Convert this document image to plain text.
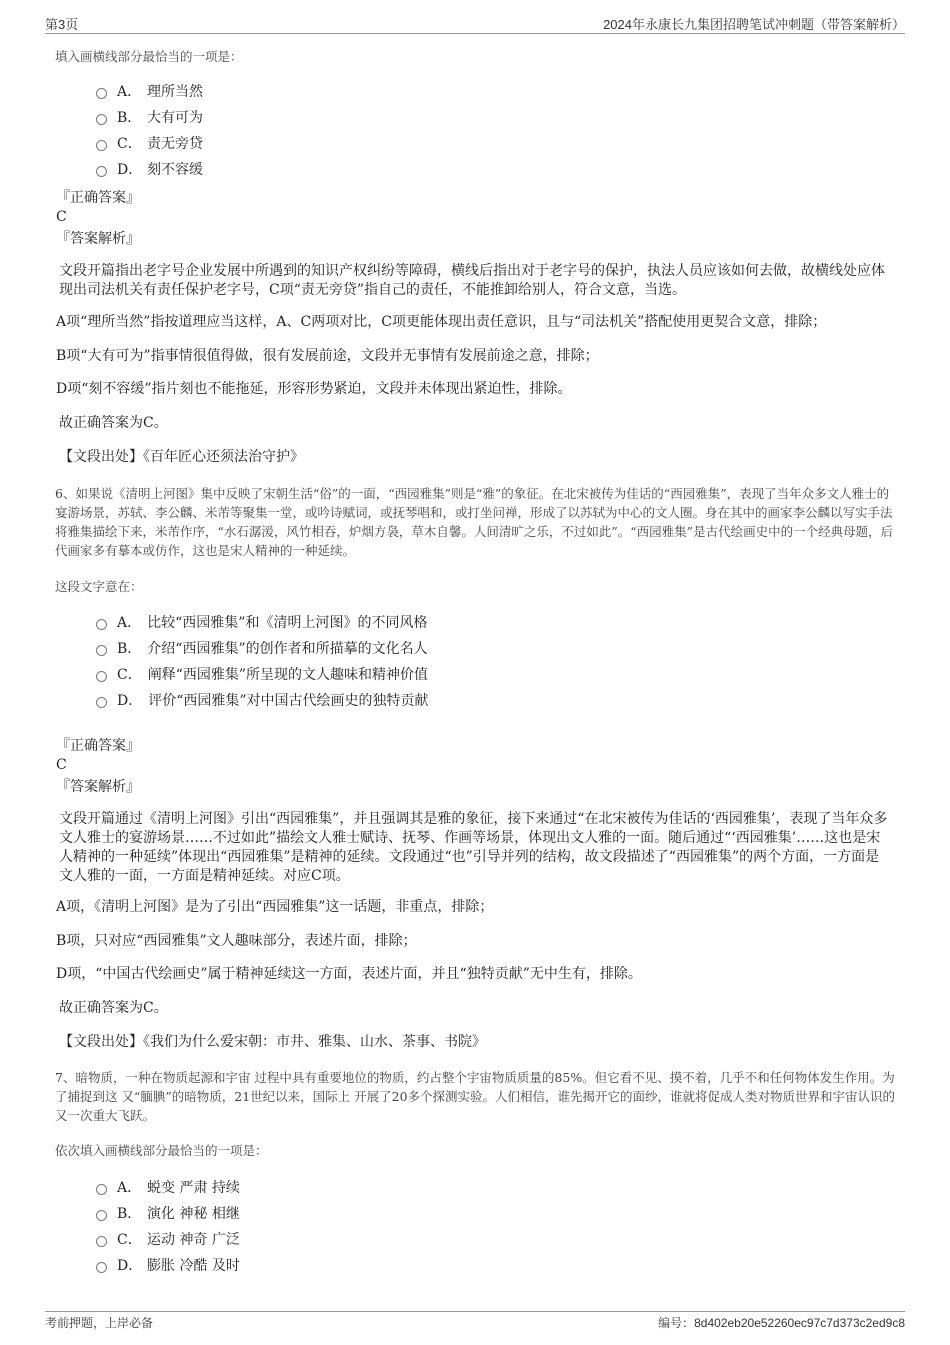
第3页	2024年永康长九集团招聘笔试冲刺题（带答案解析）
填入画横线部分最恰当的一项是：
A． 理所当然
B． 大有可为
C． 责无旁贷
D． 刻不容缓
『正确答案』
C
『答案解析』
文段开篇指出老字号企业发展中所遇到的知识产权纠纷等障碍，横线后指出对于老字号的保护，执法人员应该如何去做，故横线处应体现出司法机关有责任保护老字号，C项“责无旁贷”指自己的责任，不能推卸给别人，符合文意，当选。
A项“理所当然”指按道理应当这样，A、C两项对比，C项更能体现出责任意识，且与“司法机关”搭配使用更契合文意，排除；
B项“大有可为”指事情很值得做，很有发展前途，文段并无事情有发展前途之意，排除；
D项“刻不容缓”指片刻也不能拖延，形容形势紧迫，文段并未体现出紧迫性，排除。
故正确答案为C。
【文段出处】《百年匠心还须法治守护》
6、如果说《清明上河图》集中反映了宋朝生活“俗”的一面，“西园雅集”则是“雅”的象征。在北宋被传为佳话的“西园雅集”，表现了当年众多文人雅士的宴游场景，苏轼、李公麟、米芾等聚集一堂，或吟诗赋词，或抚琴唱和，或打坐问禅，形成了以苏轼为中心的文人圈。身在其中的画家李公麟以写实手法将雅集描绘下来，米芾作序，“水石潺湲，风竹相吞，炉烟方袅，草木自馨。人间清旷之乐，不过如此”。“西园雅集”是古代绘画史中的一个经典母题，后代画家多有摹本或仿作，这也是宋人精神的一种延续。
这段文字意在：
A． 比较“西园雅集”和《清明上河图》的不同风格
B． 介绍“西园雅集”的创作者和所描摹的文化名人
C． 阐释“西园雅集”所呈现的文人趣味和精神价值
D． 评价“西园雅集”对中国古代绘画史的独特贡献
『正确答案』
C
『答案解析』
文段开篇通过《清明上河图》引出“西园雅集”，并且强调其是雅的象征，接下来通过“在北宋被传为佳话的‘西园雅集’，表现了当年众多文人雅士的宴游场景……不过如此”描绘文人雅士赋诗、抚琴、作画等场景，体现出文人雅的一面。随后通过“‘西园雅集’……这也是宋人精神的一种延续”体现出“西园雅集”是精神的延续。文段通过“也”引导并列的结构，故文段描述了“西园雅集”的两个方面，一方面是文人雅的一面，一方面是精神延续。对应C项。
A项，《清明上河图》是为了引出“西园雅集”这一话题，非重点，排除；
B项，只对应“西园雅集”文人趣味部分，表述片面，排除；
D项，“中国古代绘画史”属于精神延续这一方面，表述片面，并且“独特贡献”无中生有，排除。
故正确答案为C。
【文段出处】《我们为什么爱宋朝：市井、雅集、山水、茶事、书院》
7、暗物质，一种在物质起源和宇宙 过程中具有重要地位的物质，约占整个宇宙物质质量的85%。但它看不见、摸不着，几乎不和任何物体发生作用。为了捕捉到这 又“腼腆”的暗物质，21世纪以来，国际上 开展了20多个探测实验。人们相信，谁先揭开它的面纱，谁就将促成人类对物质世界和宇宙认识的又一次重大飞跃。
依次填入画横线部分最恰当的一项是：
A． 蜕变 严肃 持续
B． 演化 神秘 相继
C． 运动 神奇 广泛
D． 膨胀 冷酷 及时
考前押题，上岸必备	编号：8d402eb20e52260ec97c7d373c2ed9c8
